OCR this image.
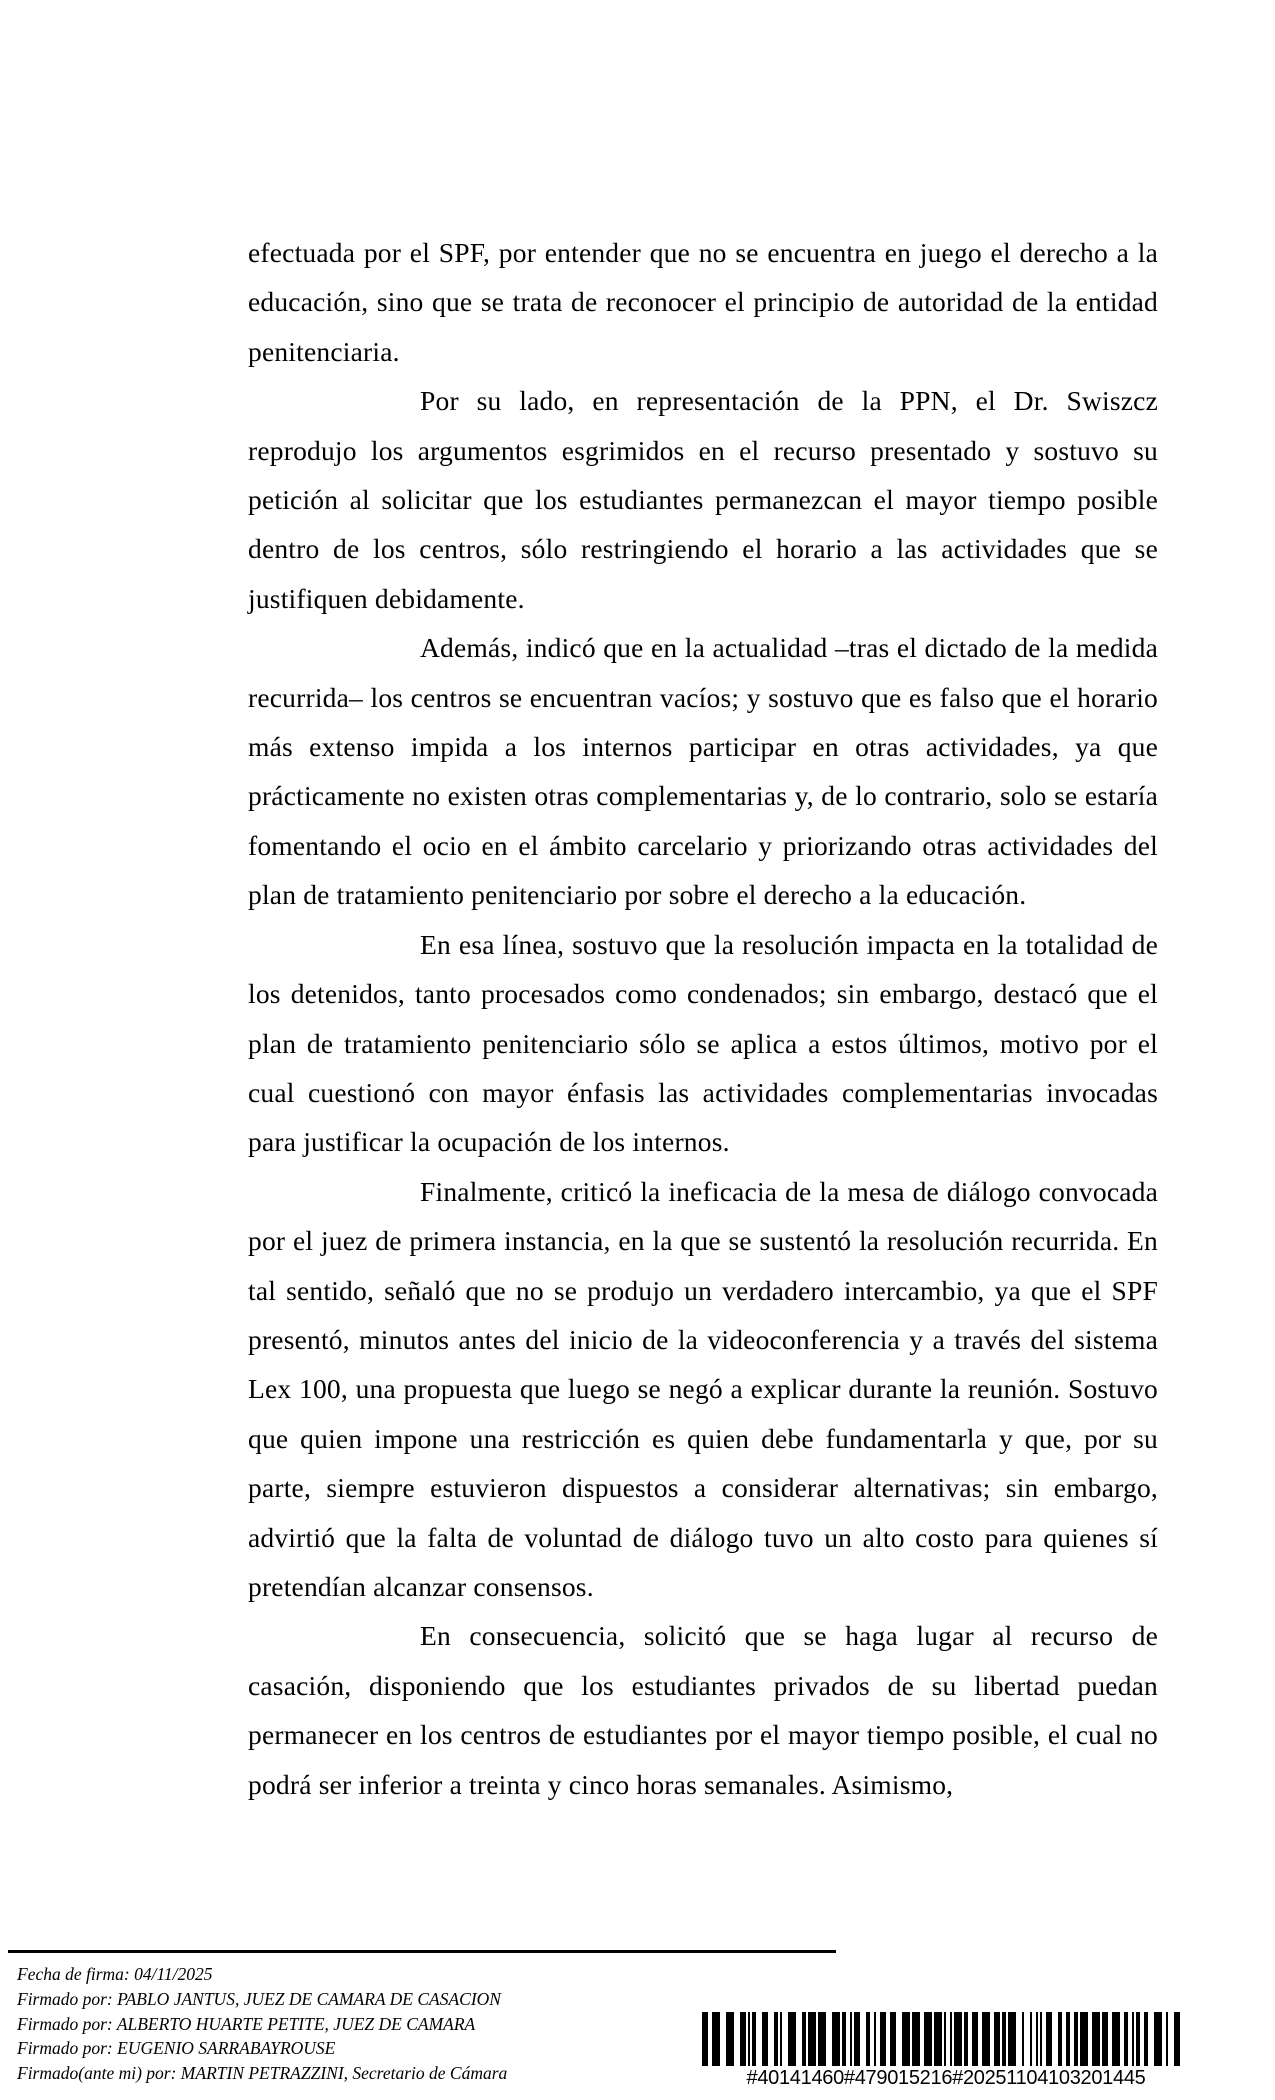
efectuada por el SPF, por entender que no se encuentra en juego el derecho a la educación, sino que se trata de reconocer el principio de autoridad de la entidad penitenciaria.

Por su lado, en representación de la PPN, el Dr. Swiszcz reprodujo los argumentos esgrimidos en el recurso presentado y sostuvo su petición al solicitar que los estudiantes permanezcan el mayor tiempo posible dentro de los centros, sólo restringiendo el horario a las actividades que se justifiquen debidamente.

Además, indicó que en la actualidad –tras el dictado de la medida recurrida– los centros se encuentran vacíos; y sostuvo que es falso que el horario más extenso impida a los internos participar en otras actividades, ya que prácticamente no existen otras complementarias y, de lo contrario, solo se estaría fomentando el ocio en el ámbito carcelario y priorizando otras actividades del plan de tratamiento penitenciario por sobre el derecho a la educación.

En esa línea, sostuvo que la resolución impacta en la totalidad de los detenidos, tanto procesados como condenados; sin embargo, destacó que el plan de tratamiento penitenciario sólo se aplica a estos últimos, motivo por el cual cuestionó con mayor énfasis las actividades complementarias invocadas para justificar la ocupación de los internos.

Finalmente, criticó la ineficacia de la mesa de diálogo convocada por el juez de primera instancia, en la que se sustentó la resolución recurrida. En tal sentido, señaló que no se produjo un verdadero intercambio, ya que el SPF presentó, minutos antes del inicio de la videoconferencia y a través del sistema Lex 100, una propuesta que luego se negó a explicar durante la reunión. Sostuvo que quien impone una restricción es quien debe fundamentarla y que, por su parte, siempre estuvieron dispuestos a considerar alternativas; sin embargo, advirtió que la falta de voluntad de diálogo tuvo un alto costo para quienes sí pretendían alcanzar consensos.

En consecuencia, solicitó que se haga lugar al recurso de casación, disponiendo que los estudiantes privados de su libertad puedan permanecer en los centros de estudiantes por el mayor tiempo posible, el cual no podrá ser inferior a treinta y cinco horas semanales. Asimismo,

Fecha de firma: 04/11/2025
Firmado por: PABLO JANTUS, JUEZ DE CAMARA DE CASACION
Firmado por: ALBERTO HUARTE PETITE, JUEZ DE CAMARA
Firmado por: EUGENIO SARRABAYROUSE
Firmado(ante mi) por: MARTIN PETRAZZINI, Secretario de Cámara	#40141460#479015216#20251104103201445
